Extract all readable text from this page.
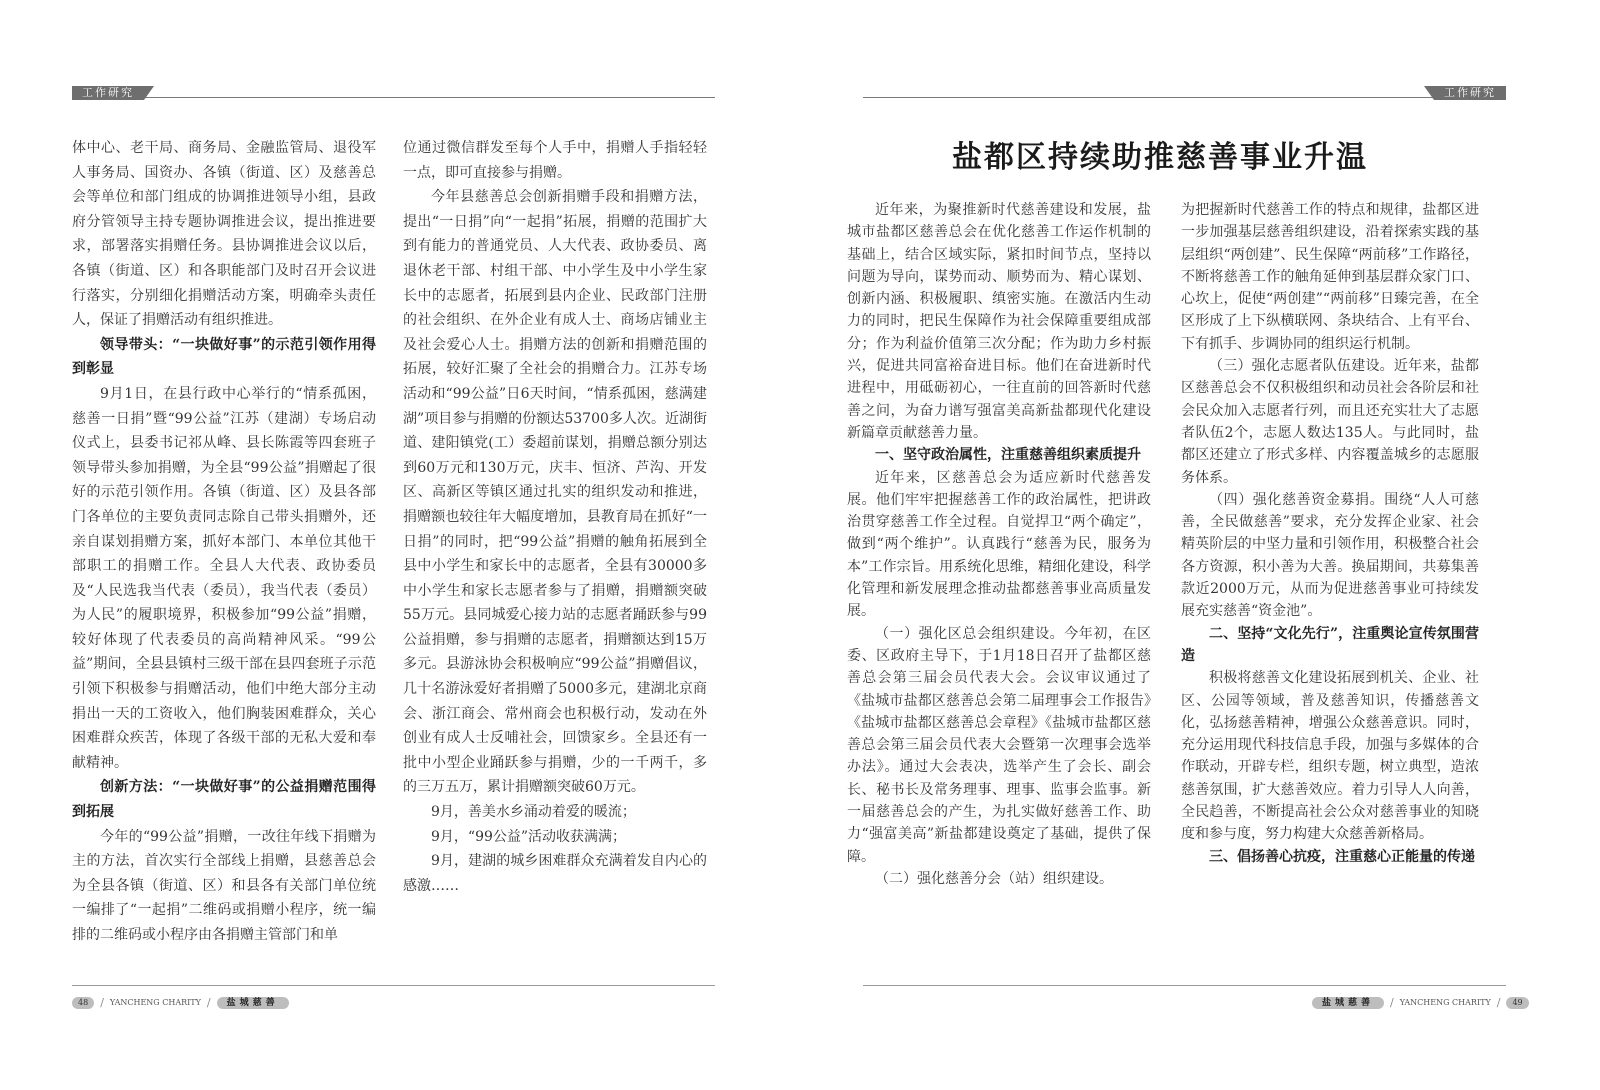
工作研究

体中心、老干局、商务局、金融监管局、退役军人事务局、国资办、各镇（街道、区）及慈善总会等单位和部门组成的协调推进领导小组，县政府分管领导主持专题协调推进会议，提出推进要求，部署落实捐赠任务。县协调推进会议以后，各镇（街道、区）和各职能部门及时召开会议进行落实，分别细化捐赠活动方案，明确牵头责任人，保证了捐赠活动有组织推进。

领导带头：“一块做好事”的示范引领作用得到彰显

9月1日，在县行政中心举行的“情系孤困，慈善一日捐”暨“99公益”江苏（建湖）专场启动仪式上，县委书记祁从峰、县长陈霞等四套班子领导带头参加捐赠，为全县“99公益”捐赠起了很好的示范引领作用。各镇（街道、区）及县各部门各单位的主要负责同志除自己带头捐赠外，还亲自谋划捐赠方案，抓好本部门、本单位其他干部职工的捐赠工作。全县人大代表、政协委员及“人民选我当代表（委员），我当代表（委员）为人民”的履职境界，积极参加“99公益”捐赠，较好体现了代表委员的高尚精神风采。“99公益”期间，全县县镇村三级干部在县四套班子示范引领下积极参与捐赠活动，他们中绝大部分主动捐出一天的工资收入，他们胸装困难群众，关心困难群众疾苦，体现了各级干部的无私大爱和奉献精神。

创新方法：“一块做好事”的公益捐赠范围得到拓展

今年的“99公益”捐赠，一改往年线下捐赠为主的方法，首次实行全部线上捐赠，县慈善总会为全县各镇（街道、区）和县各有关部门单位统一编排了“一起捐”二维码或捐赠小程序，统一编排的二维码或小程序由各捐赠主管部门和单

位通过微信群发至每个人手中，捐赠人手指轻轻一点，即可直接参与捐赠。

今年县慈善总会创新捐赠手段和捐赠方法，提出“一日捐”向“一起捐”拓展，捐赠的范围扩大到有能力的普通党员、人大代表、政协委员、离退休老干部、村组干部、中小学生及中小学生家长中的志愿者，拓展到县内企业、民政部门注册的社会组织、在外企业有成人士、商场店铺业主及社会爱心人士。捐赠方法的创新和捐赠范围的拓展，较好汇聚了全社会的捐赠合力。江苏专场活动和“99公益”日6天时间，“情系孤困，慈满建湖”项目参与捐赠的份额达53700多人次。近湖街道、建阳镇党(工）委超前谋划，捐赠总额分别达到60万元和130万元，庆丰、恒济、芦沟、开发区、高新区等镇区通过扎实的组织发动和推进，捐赠额也较往年大幅度增加，县教育局在抓好“一日捐”的同时，把“99公益”捐赠的触角拓展到全县中小学生和家长中的志愿者，全县有30000多中小学生和家长志愿者参与了捐赠，捐赠额突破55万元。县同城爱心接力站的志愿者踊跃参与99公益捐赠，参与捐赠的志愿者，捐赠额达到15万多元。县游泳协会积极响应“99公益”捐赠倡议，几十名游泳爱好者捐赠了5000多元，建湖北京商会、浙江商会、常州商会也积极行动，发动在外创业有成人士反哺社会，回馈家乡。全县还有一批中小型企业踊跃参与捐赠，少的一千两千，多的三万五万，累计捐赠额突破60万元。

9月，善美水乡涌动着爱的暖流；

9月，“99公益”活动收获满满；

9月，建湖的城乡困难群众充满着发自内心的感激……

48	/ YANCHENG CHARITY /	盐城慈善
工作研究
盐都区持续助推慈善事业升温

近年来，为聚推新时代慈善建设和发展，盐城市盐都区慈善总会在优化慈善工作运作机制的基础上，结合区域实际，紧扣时间节点，坚持以问题为导向，谋势而动、顺势而为、精心谋划、创新内涵、积极履职、缜密实施。在激活内生动力的同时，把民生保障作为社会保障重要组成部分；作为利益价值第三次分配；作为助力乡村振兴，促进共同富裕奋进目标。他们在奋进新时代进程中，用砥砺初心，一往直前的回答新时代慈善之问，为奋力谱写强富美高新盐都现代化建设新篇章贡献慈善力量。

一、坚守政治属性，注重慈善组织素质提升

近年来，区慈善总会为适应新时代慈善发展。他们牢牢把握慈善工作的政治属性，把讲政治贯穿慈善工作全过程。自觉捍卫“两个确定”，做到“两个维护”。认真践行“慈善为民，服务为本”工作宗旨。用系统化思维，精细化建设，科学化管理和新发展理念推动盐都慈善事业高质量发展。

（一）强化区总会组织建设。今年初，在区委、区政府主导下，于1月18日召开了盐都区慈善总会第三届会员代表大会。会议审议通过了《盐城市盐都区慈善总会第二届理事会工作报告》《盐城市盐都区慈善总会章程》《盐城市盐都区慈善总会第三届会员代表大会暨第一次理事会选举办法》。通过大会表决，选举产生了会长、副会长、秘书长及常务理事、理事、监事会监事。新一届慈善总会的产生，为扎实做好慈善工作、助力“强富美高”新盐都建设奠定了基础，提供了保障。

（二）强化慈善分会（站）组织建设。

为把握新时代慈善工作的特点和规律，盐都区进一步加强基层慈善组织建设，沿着探索实践的基层组织“两创建”、民生保障“两前移”工作路径，不断将慈善工作的触角延伸到基层群众家门口、心坎上，促使“两创建”“两前移”日臻完善，在全区形成了上下纵横联网、条块结合、上有平台、下有抓手、步调协同的组织运行机制。

（三）强化志愿者队伍建设。近年来，盐都区慈善总会不仅积极组织和动员社会各阶层和社会民众加入志愿者行列，而且还充实壮大了志愿者队伍2个，志愿人数达135人。与此同时，盐都区还建立了形式多样、内容覆盖城乡的志愿服务体系。

（四）强化慈善资金募捐。围绕“人人可慈善，全民做慈善”要求，充分发挥企业家、社会精英阶层的中坚力量和引领作用，积极整合社会各方资源，积小善为大善。换届期间，共募集善款近2000万元，从而为促进慈善事业可持续发展充实慈善“资金池”。

二、坚持“文化先行”，注重舆论宣传氛围营造

积极将慈善文化建设拓展到机关、企业、社区、公园等领域，普及慈善知识，传播慈善文化，弘扬慈善精神，增强公众慈善意识。同时，充分运用现代科技信息手段，加强与多媒体的合作联动，开辟专栏，组织专题，树立典型，造浓慈善氛围，扩大慈善效应。着力引导人人向善，全民趋善，不断提高社会公众对慈善事业的知晓度和参与度，努力构建大众慈善新格局。

三、倡扬善心抗疫，注重慈心正能量的传递

盐城慈善	/ YANCHENG CHARITY /	49
